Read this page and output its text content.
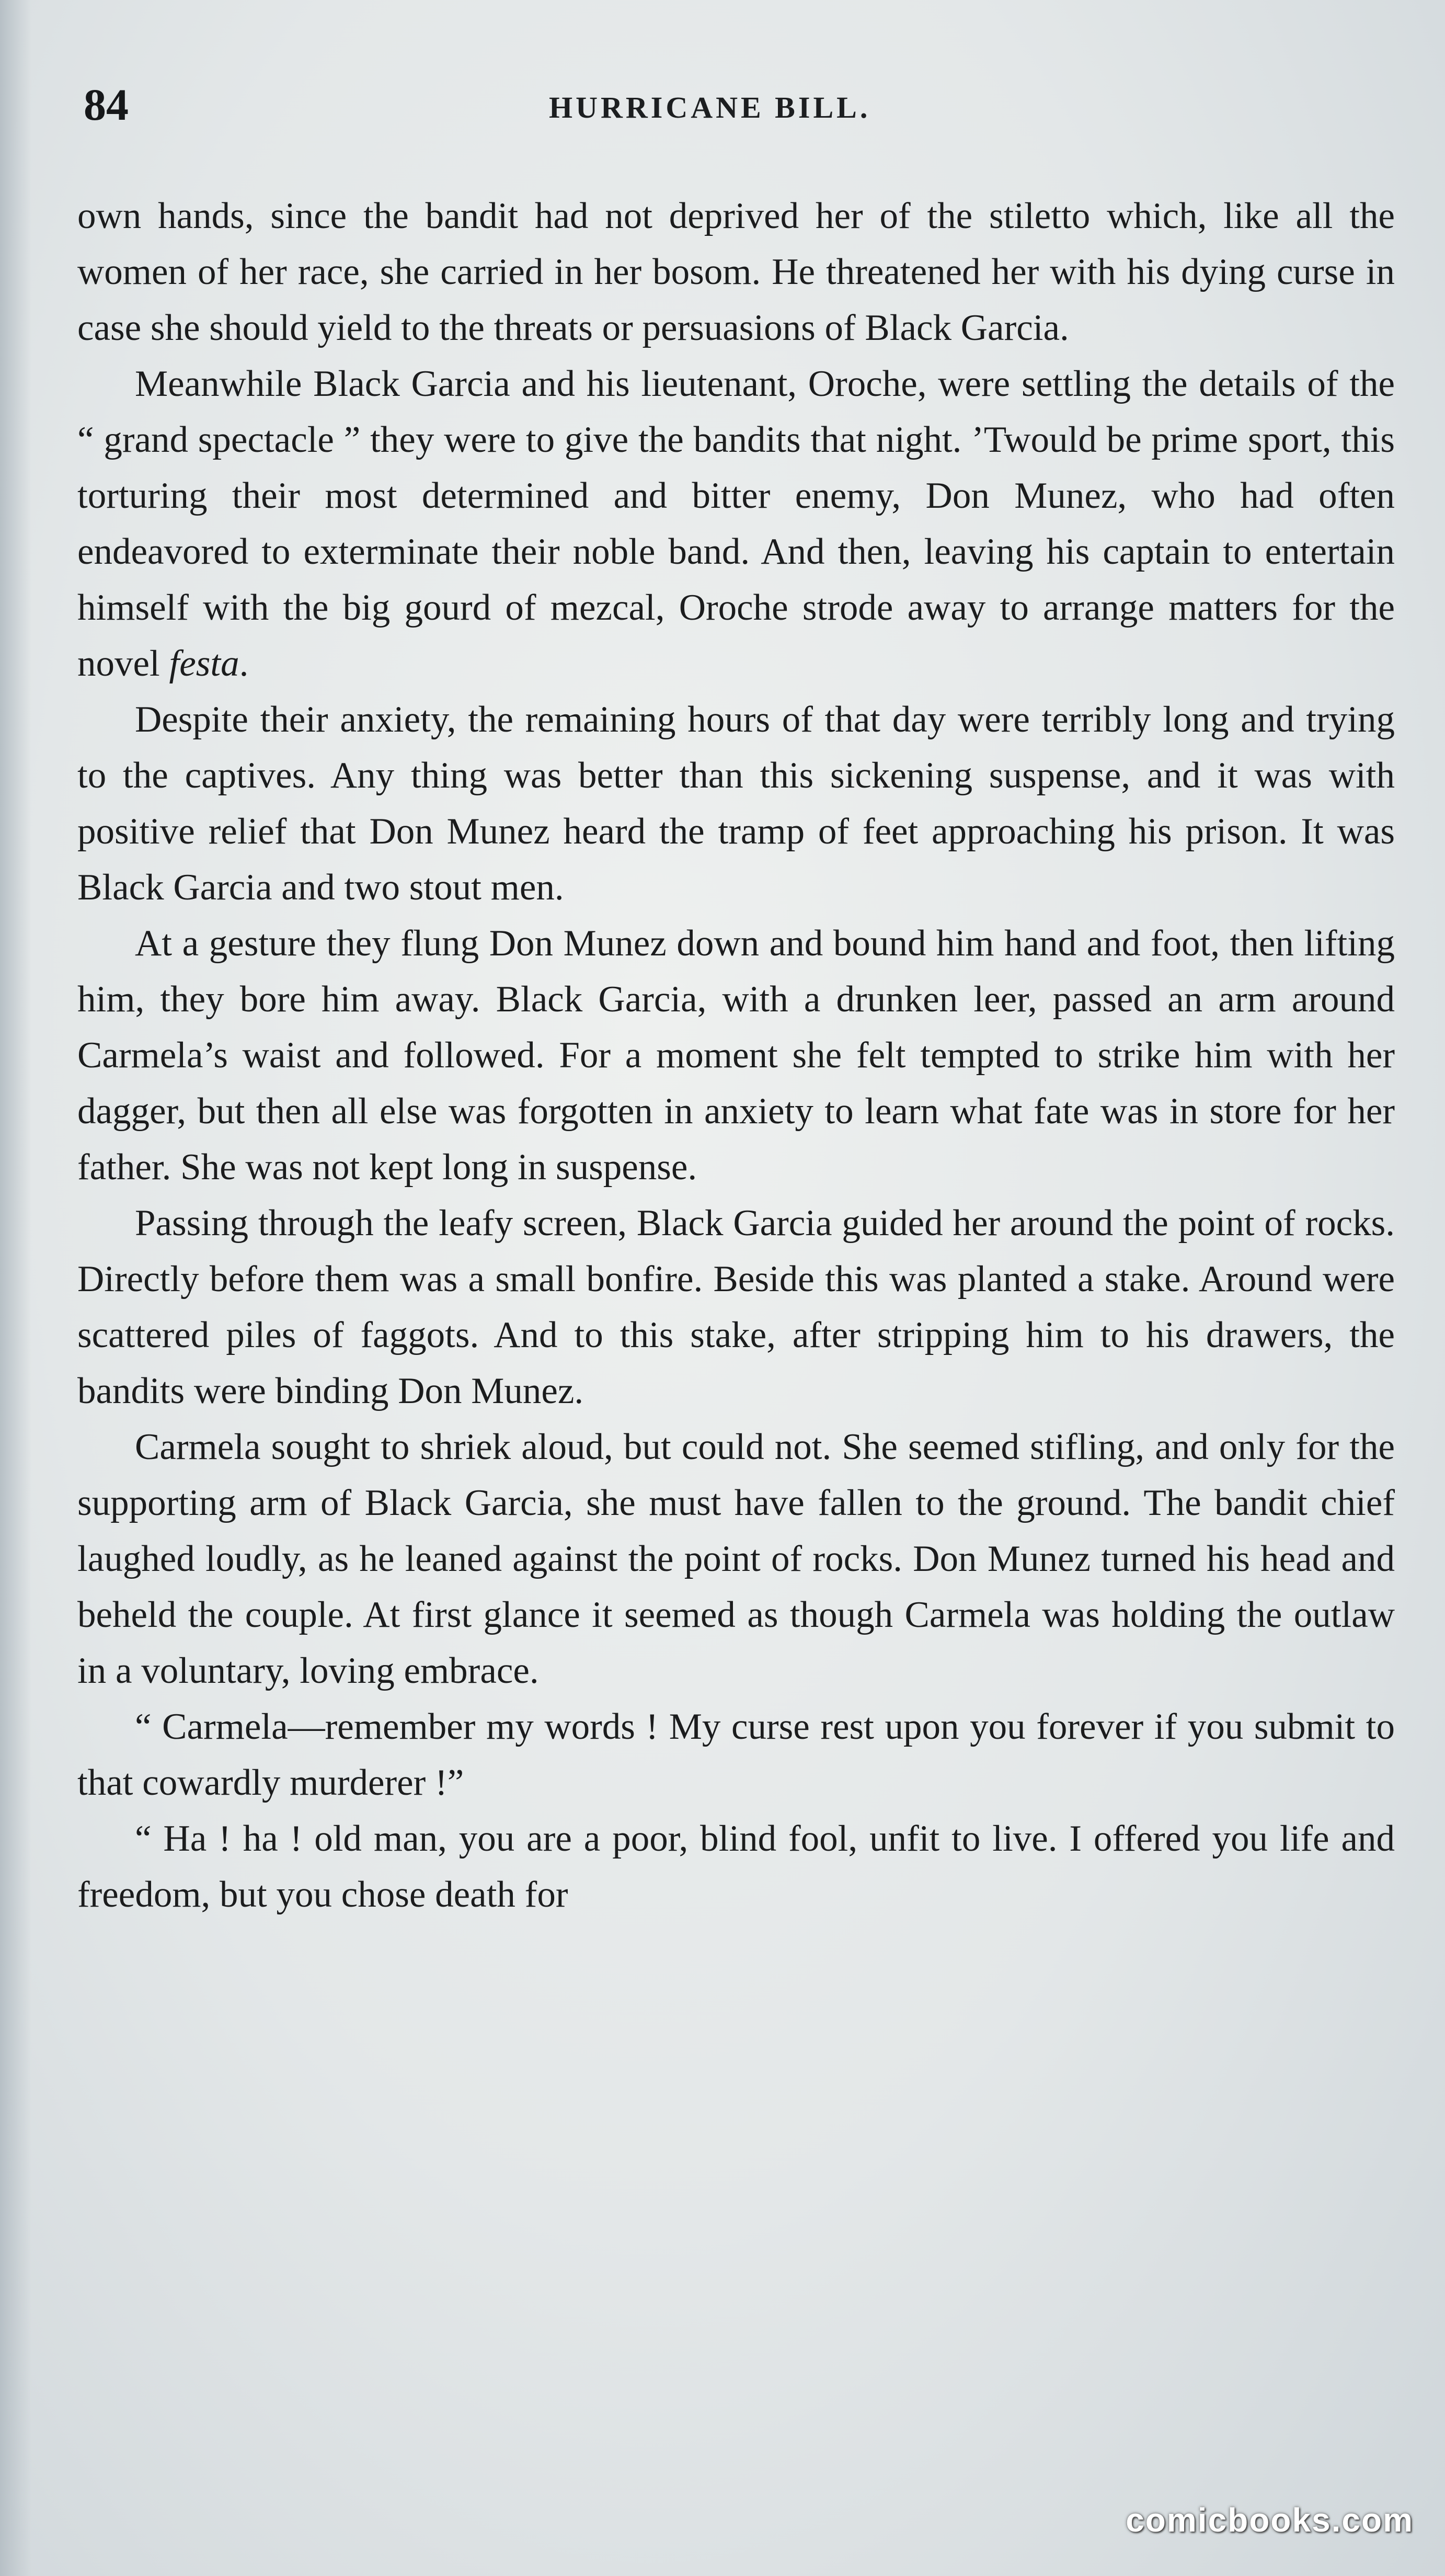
84	HURRICANE BILL.

own hands, since the bandit had not deprived her of the stiletto which, like all the women of her race, she carried in her bosom. He threatened her with his dying curse in case she should yield to the threats or persuasions of Black Garcia.

Meanwhile Black Garcia and his lieutenant, Oroche, were settling the details of the “ grand spectacle ” they were to give the bandits that night. ’Twould be prime sport, this torturing their most determined and bitter enemy, Don Munez, who had often endeavored to exterminate their noble band. And then, leaving his captain to entertain himself with the big gourd of mezcal, Oroche strode away to arrange matters for the novel festa.

Despite their anxiety, the remaining hours of that day were terribly long and trying to the captives. Any thing was better than this sickening suspense, and it was with positive relief that Don Munez heard the tramp of feet approaching his prison. It was Black Garcia and two stout men.

At a gesture they flung Don Munez down and bound him hand and foot, then lifting him, they bore him away. Black Garcia, with a drunken leer, passed an arm around Carmela’s waist and followed. For a moment she felt tempted to strike him with her dagger, but then all else was forgotten in anxiety to learn what fate was in store for her father. She was not kept long in suspense.

Passing through the leafy screen, Black Garcia guided her around the point of rocks. Directly before them was a small bonfire. Beside this was planted a stake. Around were scattered piles of faggots. And to this stake, after stripping him to his drawers, the bandits were binding Don Munez.

Carmela sought to shriek aloud, but could not. She seemed stifling, and only for the supporting arm of Black Garcia, she must have fallen to the ground. The bandit chief laughed loudly, as he leaned against the point of rocks. Don Munez turned his head and beheld the couple. At first glance it seemed as though Carmela was holding the outlaw in a voluntary, loving embrace.

“ Carmela—remember my words ! My curse rest upon you forever if you submit to that cowardly murderer !”

“ Ha ! ha ! old man, you are a poor, blind fool, unfit to live. I offered you life and freedom, but you chose death for

comicbooks.com
